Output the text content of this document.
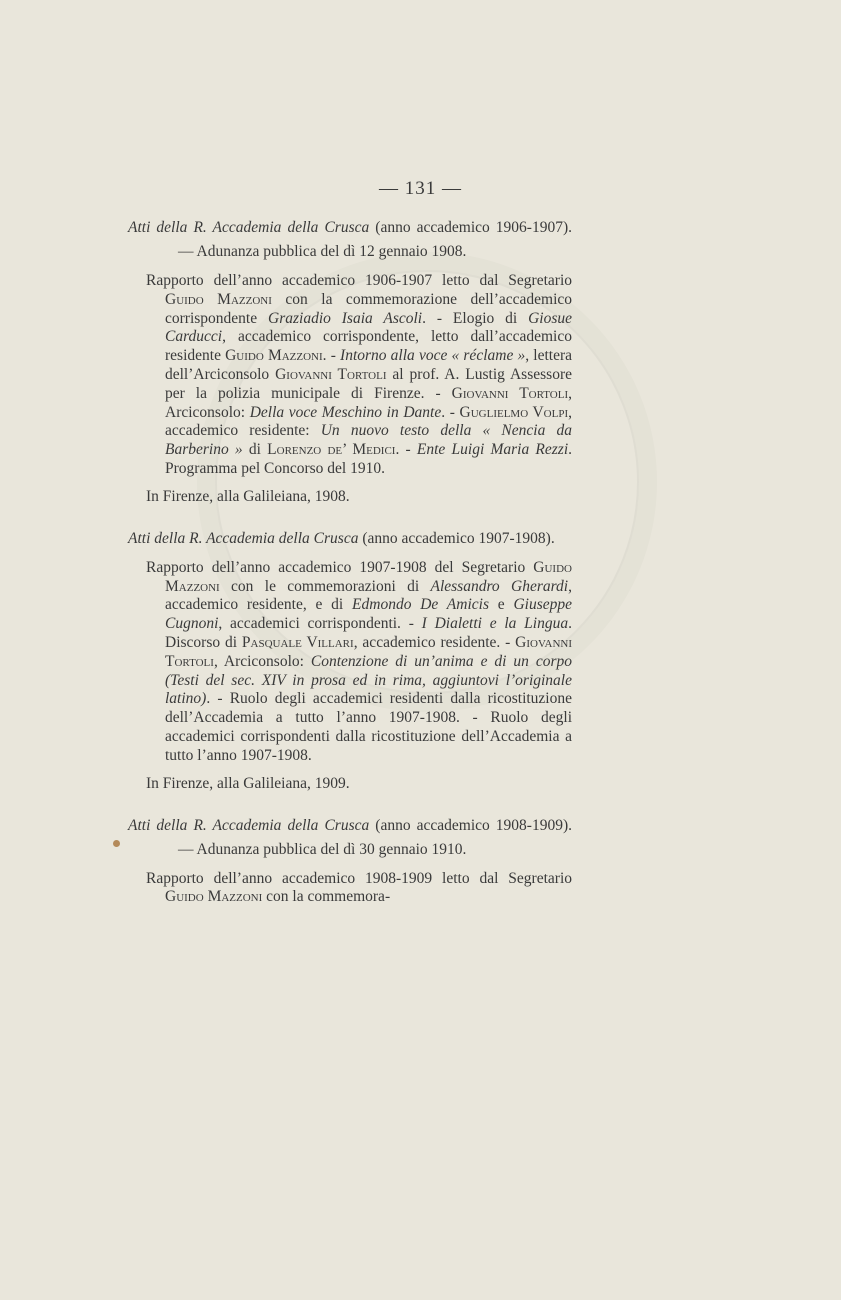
— 131 —

Atti della R. Accademia della Crusca (anno accademico 1906-1907). — Adunanza pubblica del dì 12 gennaio 1908.

Rapporto dell’anno accademico 1906-1907 letto dal Segretario Guido Mazzoni con la commemorazione dell’accademico corrispondente Graziadio Isaia Ascoli. - Elogio di Giosue Carducci, accademico corrispondente, letto dall’accademico residente Guido Mazzoni. - Intorno alla voce « réclame », lettera dell’Arciconsolo Giovanni Tortoli al prof. A. Lustig Assessore per la polizia municipale di Firenze. - Giovanni Tortoli, Arciconsolo: Della voce Meschino in Dante. - Guglielmo Volpi, accademico residente: Un nuovo testo della « Nencia da Barberino » di Lorenzo de’ Medici. - Ente Luigi Maria Rezzi. Programma pel Concorso del 1910.

In Firenze, alla Galileiana, 1908.

Atti della R. Accademia della Crusca (anno accademico 1907-1908).

Rapporto dell’anno accademico 1907-1908 del Segretario Guido Mazzoni con le commemorazioni di Alessandro Gherardi, accademico residente, e di Edmondo De Amicis e Giuseppe Cugnoni, accademici corrispondenti. - I Dialetti e la Lingua. Discorso di Pasquale Villari, accademico residente. - Giovanni Tortoli, Arciconsolo: Contenzione di un’anima e di un corpo (Testi del sec. XIV in prosa ed in rima, aggiuntovi l’originale latino). - Ruolo degli accademici residenti dalla ricostituzione dell’Accademia a tutto l’anno 1907-1908. - Ruolo degli accademici corrispondenti dalla ricostituzione dell’Accademia a tutto l’anno 1907-1908.

In Firenze, alla Galileiana, 1909.

Atti della R. Accademia della Crusca (anno accademico 1908-1909). — Adunanza pubblica del dì 30 gennaio 1910.

Rapporto dell’anno accademico 1908-1909 letto dal Segretario Guido Mazzoni con la commemora-
